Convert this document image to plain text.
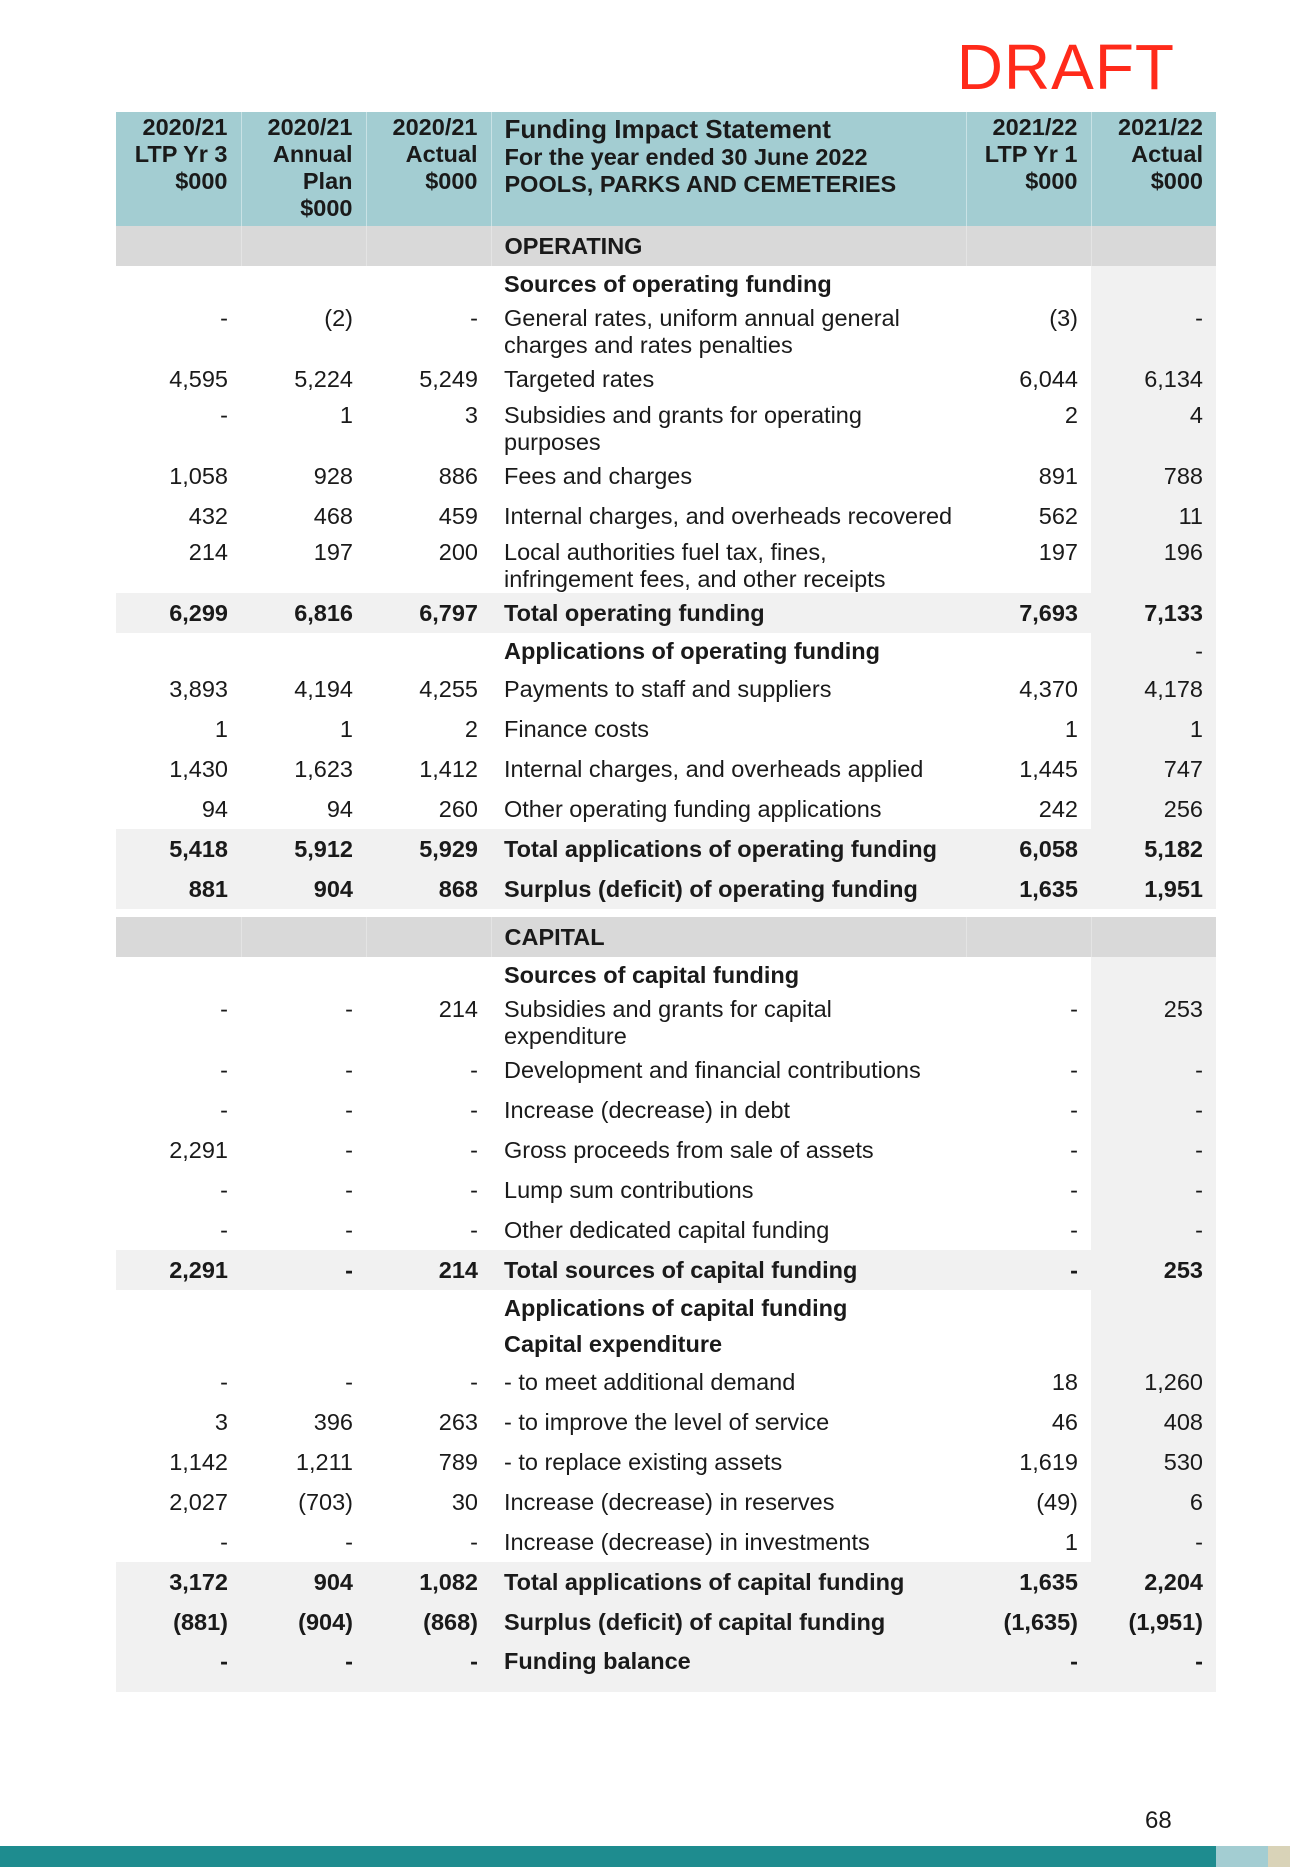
DRAFT
2020/21
LTP Yr 3
$000	2020/21
Annual
Plan
$000	2020/21
Actual
$000	Funding Impact Statement
For the year ended 30 June 2022
POOLS, PARKS AND CEMETERIES	2021/22
LTP Yr 1
$000	2021/22
Actual
$000
			OPERATING		
			Sources of operating funding		
-	(2)	-	General rates, uniform annual general charges and rates penalties	(3)	-
4,595	5,224	5,249	Targeted rates	6,044	6,134
-	1	3	Subsidies and grants for operating purposes	2	4
1,058	928	886	Fees and charges	891	788
432	468	459	Internal charges, and overheads recovered	562	11
214	197	200	Local authorities fuel tax, fines, infringement fees, and other receipts	197	196
6,299	6,816	6,797	Total operating funding	7,693	7,133
			Applications of operating funding		-
3,893	4,194	4,255	Payments to staff and suppliers	4,370	4,178
1	1	2	Finance costs	1	1
1,430	1,623	1,412	Internal charges, and overheads applied	1,445	747
94	94	260	Other operating funding applications	242	256
5,418	5,912	5,929	Total applications of operating funding	6,058	5,182
881	904	868	Surplus (deficit) of operating funding	1,635	1,951

			CAPITAL		
			Sources of capital funding		
-	-	214	Subsidies and grants for capital expenditure	-	253
-	-	-	Development and financial contributions	-	-
-	-	-	Increase (decrease) in debt	-	-
2,291	-	-	Gross proceeds from sale of assets	-	-
-	-	-	Lump sum contributions	-	-
-	-	-	Other dedicated capital funding	-	-
2,291	-	214	Total sources of capital funding	-	253
			Applications of capital funding		
			Capital expenditure		
-	-	-	- to meet additional demand	18	1,260
3	396	263	- to improve the level of service	46	408
1,142	1,211	789	- to replace existing assets	1,619	530
2,027	(703)	30	Increase (decrease) in reserves	(49)	6
-	-	-	Increase (decrease) in investments	1	-
3,172	904	1,082	Total applications of capital funding	1,635	2,204
(881)	(904)	(868)	Surplus (deficit) of capital funding	(1,635)	(1,951)
-	-	-	Funding balance	-	-
68
